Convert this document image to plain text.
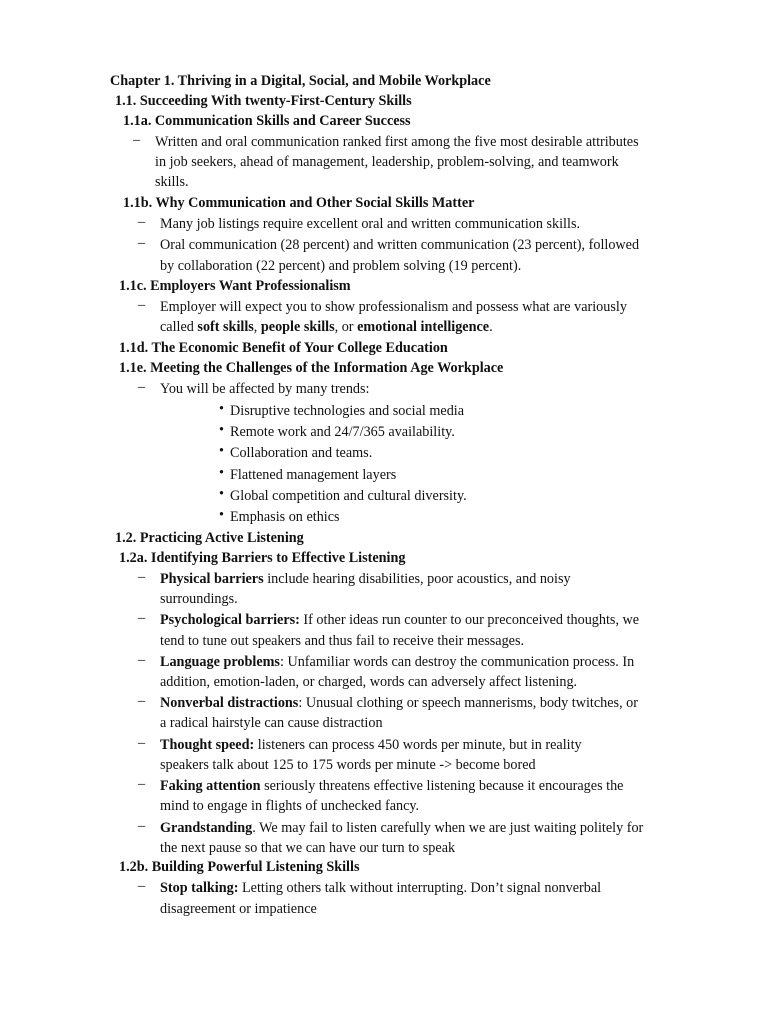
Chapter 1. Thriving in a Digital, Social, and Mobile Workplace
1.1. Succeeding With twenty-First-Century Skills
1.1a. Communication Skills and Career Success
–	Written and oral communication ranked first among the five most desirable attributes
in job seekers, ahead of management, leadership, problem-solving, and teamwork
skills.
1.1b. Why Communication and Other Social Skills Matter
–	Many job listings require excellent oral and written communication skills.
–	Oral communication (28 percent) and written communication (23 percent), followed
by collaboration (22 percent) and problem solving (19 percent).
1.1c. Employers Want Professionalism
–	Employer will expect you to show professionalism and possess what are variously
called soft skills, people skills, or emotional intelligence.
1.1d. The Economic Benefit of Your College Education
1.1e. Meeting the Challenges of the Information Age Workplace
–	You will be affected by many trends:
• Disruptive technologies and social media
• Remote work and 24/7/365 availability.
• Collaboration and teams.
• Flattened management layers
• Global competition and cultural diversity.
• Emphasis on ethics
1.2. Practicing Active Listening
1.2a. Identifying Barriers to Effective Listening
–	Physical barriers include hearing disabilities, poor acoustics, and noisy
surroundings.
–	Psychological barriers: If other ideas run counter to our preconceived thoughts, we
tend to tune out speakers and thus fail to receive their messages.
–	Language problems: Unfamiliar words can destroy the communication process. In
addition, emotion-laden, or charged, words can adversely affect listening.
–	Nonverbal distractions: Unusual clothing or speech mannerisms, body twitches, or
a radical hairstyle can cause distraction
–	Thought speed: listeners can process 450 words per minute, but in reality
speakers talk about 125 to 175 words per minute -> become bored
–	Faking attention seriously threatens effective listening because it encourages the
mind to engage in flights of unchecked fancy.
–	Grandstanding. We may fail to listen carefully when we are just waiting politely for
the next pause so that we can have our turn to speak
1.2b. Building Powerful Listening Skills
–	Stop talking: Letting others talk without interrupting. Don’t signal nonverbal
disagreement or impatience
